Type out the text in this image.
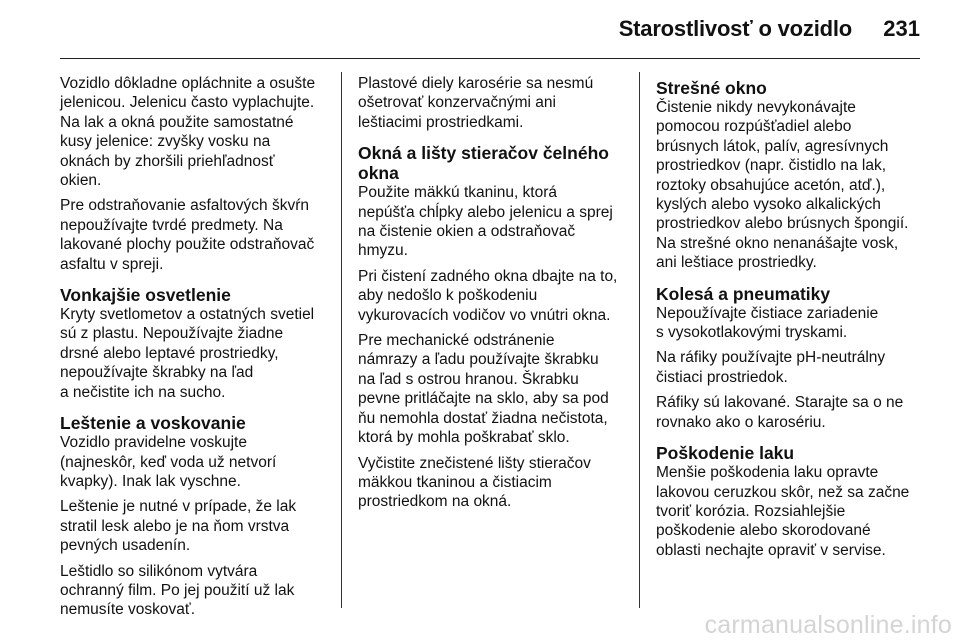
Starostlivosť o vozidlo 231

Vozidlo dôkladne opláchnite a osušte
jelenicou. Jelenicu často vyplachujte.
Na lak a okná použite samostatné
kusy jelenice: zvyšky vosku na
oknách by zhoršili priehľadnosť
okien.

Pre odstraňovanie asfaltových škvŕn
nepoužívajte tvrdé predmety. Na
lakované plochy použite odstraňovač
asfaltu v spreji.

Vonkajšie osvetlenie

Kryty svetlometov a ostatných svetiel
sú z plastu. Nepoužívajte žiadne
drsné alebo leptavé prostriedky,
nepoužívajte škrabky na ľad
a nečistite ich na sucho.

Leštenie a voskovanie

Vozidlo pravidelne voskujte
(najneskôr, keď voda už netvorí
kvapky). Inak lak vyschne.

Leštenie je nutné v prípade, že lak
stratil lesk alebo je na ňom vrstva
pevných usadenín.

Leštidlo so silikónom vytvára
ochranný film. Po jej použití už lak
nemusíte voskovať.

Plastové diely karosérie sa nesmú
ošetrovať konzervačnými ani
leštiacimi prostriedkami.

Okná a lišty stieračov čelného
okna

Použite mäkkú tkaninu, ktorá
nepúšťa chĺpky alebo jelenicu a sprej
na čistenie okien a odstraňovač
hmyzu.

Pri čistení zadného okna dbajte na to,
aby nedošlo k poškodeniu
vykurovacích vodičov vo vnútri okna.

Pre mechanické odstránenie
námrazy a ľadu používajte škrabku
na ľad s ostrou hranou. Škrabku
pevne pritláčajte na sklo, aby sa pod
ňu nemohla dostať žiadna nečistota,
ktorá by mohla poškrabať sklo.

Vyčistite znečistené lišty stieračov
mäkkou tkaninou a čistiacim
prostriedkom na okná.

Strešné okno

Čistenie nikdy nevykonávajte
pomocou rozpúšťadiel alebo
brúsnych látok, palív, agresívnych
prostriedkov (napr. čistidlo na lak,
roztoky obsahujúce acetón, atď.),
kyslých alebo vysoko alkalických
prostriedkov alebo brúsnych špongií.
Na strešné okno nenanášajte vosk,
ani leštiace prostriedky.

Kolesá a pneumatiky

Nepoužívajte čistiace zariadenie
s vysokotlakovými tryskami.

Na ráfiky používajte pH-neutrálny
čistiaci prostriedok.

Ráfiky sú lakované. Starajte sa o ne
rovnako ako o karosériu.

Poškodenie laku

Menšie poškodenia laku opravte
lakovou ceruzkou skôr, než sa začne
tvoriť korózia. Rozsiahlejšie
poškodenie alebo skorodované
oblasti nechajte opraviť v servise.

carmanualsonline.info
